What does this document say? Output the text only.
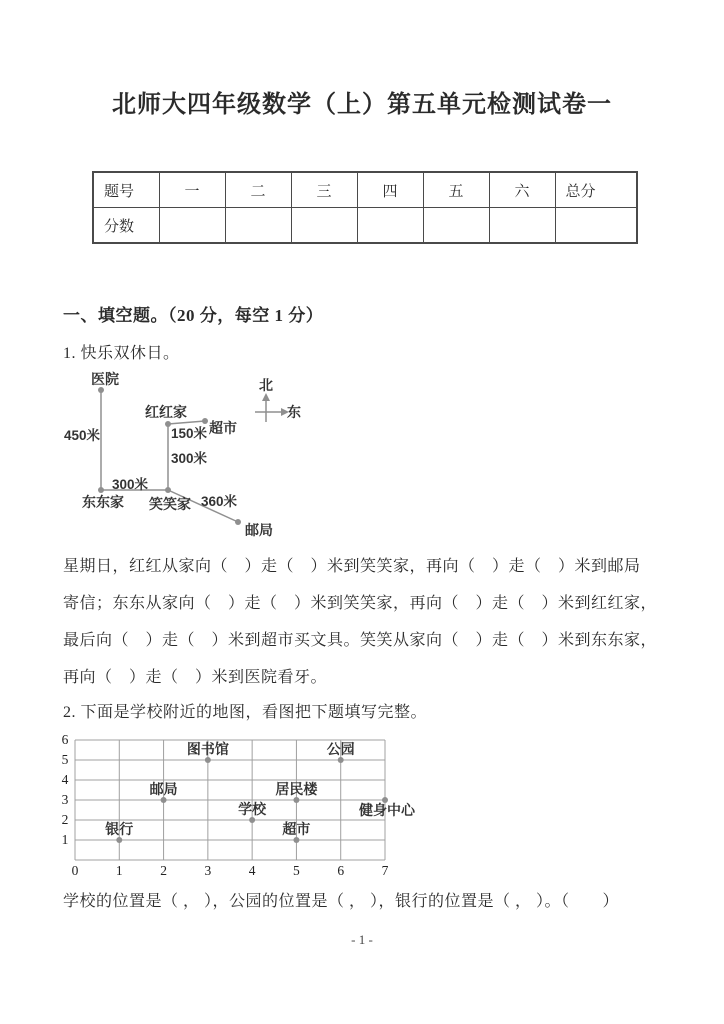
北师大四年级数学（上）第五单元检测试卷一
题号	一	二	三	四	五	六	总分
分数							
一、填空题。（20 分，每空 1 分）
1. 快乐双休日。
医院
红红家
超市
东东家 笑笑家
邮局
450米	150米
300米
300米
360米
北
东
星期日，红红从家向（　）走（　）米到笑笑家，再向（　）走（　）米到邮局
寄信；东东从家向（　）走（　）米到笑笑家，再向（　）走（　）米到红红家，
最后向（　）走（　）米到超市买文具。笑笑从家向（　）走（　）米到东东家，
再向（　）走（　）米到医院看牙。
2. 下面是学校附近的地图，看图把下题填写完整。
图书馆	公园
邮局	居民楼
健身中心
学校
银行	超市
1
2
3
4
5
6
0	1	2	3	4	5	6	7
学校的位置是（ ， ），公园的位置是（ ， ），银行的位置是（ ， ）。（　　）
- 1 -
